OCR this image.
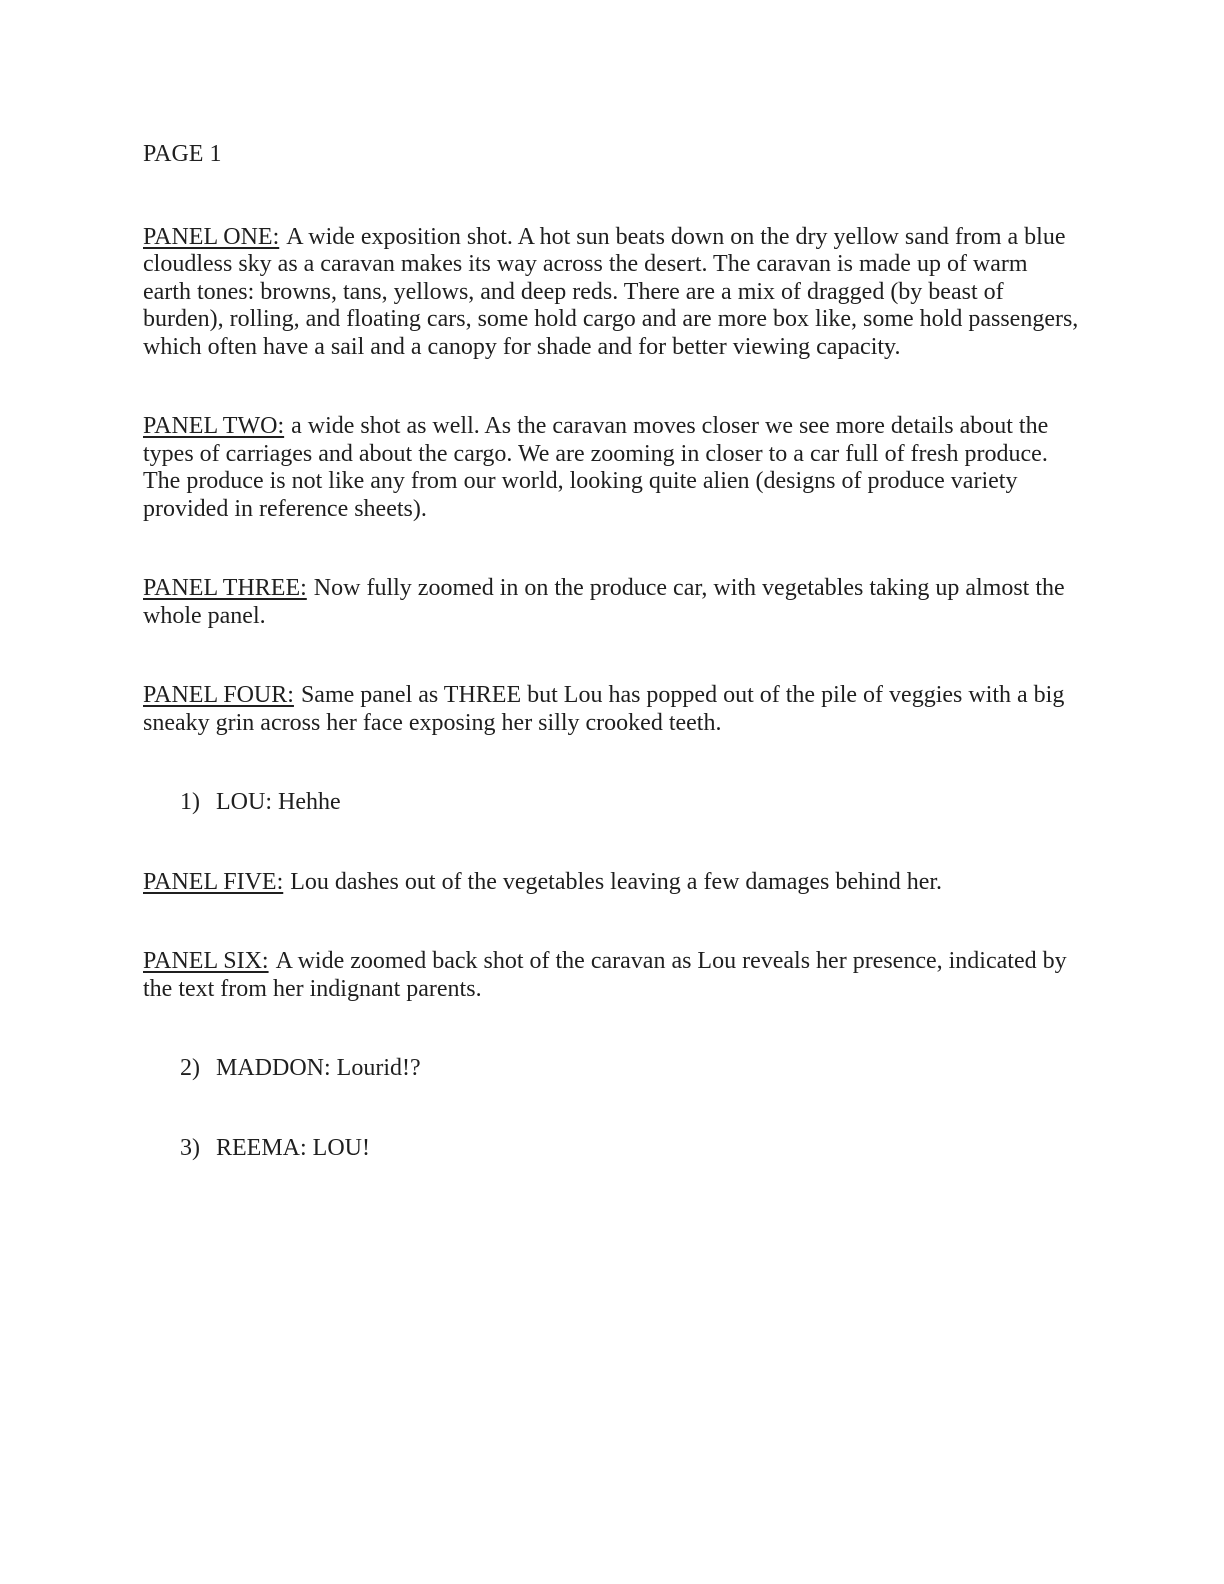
PAGE 1

PANEL ONE: A wide exposition shot. A hot sun beats down on the dry yellow sand from a blue cloudless sky as a caravan makes its way across the desert. The caravan is made up of warm earth tones: browns, tans, yellows, and deep reds. There are a mix of dragged (by beast of burden), rolling, and floating cars, some hold cargo and are more box like, some hold passengers, which often have a sail and a canopy for shade and for better viewing capacity.

PANEL TWO: a wide shot as well. As the caravan moves closer we see more details about the types of carriages and about the cargo. We are zooming in closer to a car full of fresh produce. The produce is not like any from our world, looking quite alien (designs of produce variety provided in reference sheets).

PANEL THREE: Now fully zoomed in on the produce car, with vegetables taking up almost the whole panel.

PANEL FOUR: Same panel as THREE but Lou has popped out of the pile of veggies with a big sneaky grin across her face exposing her silly crooked teeth.

1) LOU: Hehhe

PANEL FIVE: Lou dashes out of the vegetables leaving a few damages behind her.

PANEL SIX: A wide zoomed back shot of the caravan as Lou reveals her presence, indicated by the text from her indignant parents.

2) MADDON: Lourid!?

3) REEMA: LOU!
